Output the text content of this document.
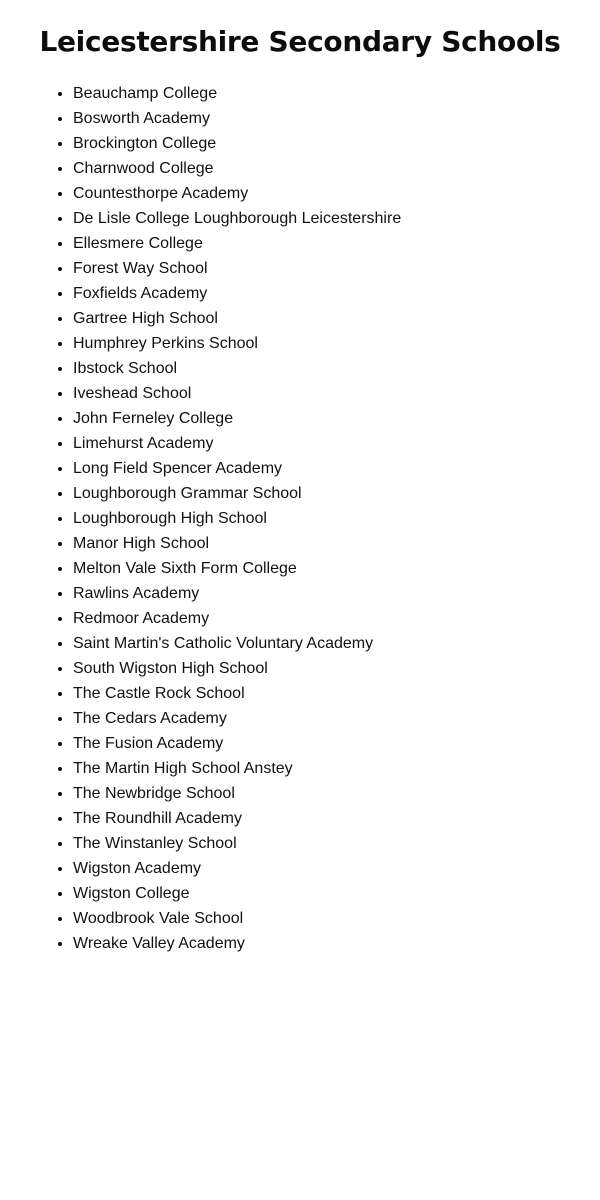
Leicestershire Secondary Schools
Beauchamp College
Bosworth Academy
Brockington College
Charnwood College
Countesthorpe Academy
De Lisle College Loughborough Leicestershire
Ellesmere College
Forest Way School
Foxfields Academy
Gartree High School
Humphrey Perkins School
Ibstock School
Iveshead School
John Ferneley College
Limehurst Academy
Long Field Spencer Academy
Loughborough Grammar School
Loughborough High School
Manor High School
Melton Vale Sixth Form College
Rawlins Academy
Redmoor Academy
Saint Martin's Catholic Voluntary Academy
South Wigston High School
The Castle Rock School
The Cedars Academy
The Fusion Academy
The Martin High School Anstey
The Newbridge School
The Roundhill Academy
The Winstanley School
Wigston Academy
Wigston College
Woodbrook Vale School
Wreake Valley Academy
